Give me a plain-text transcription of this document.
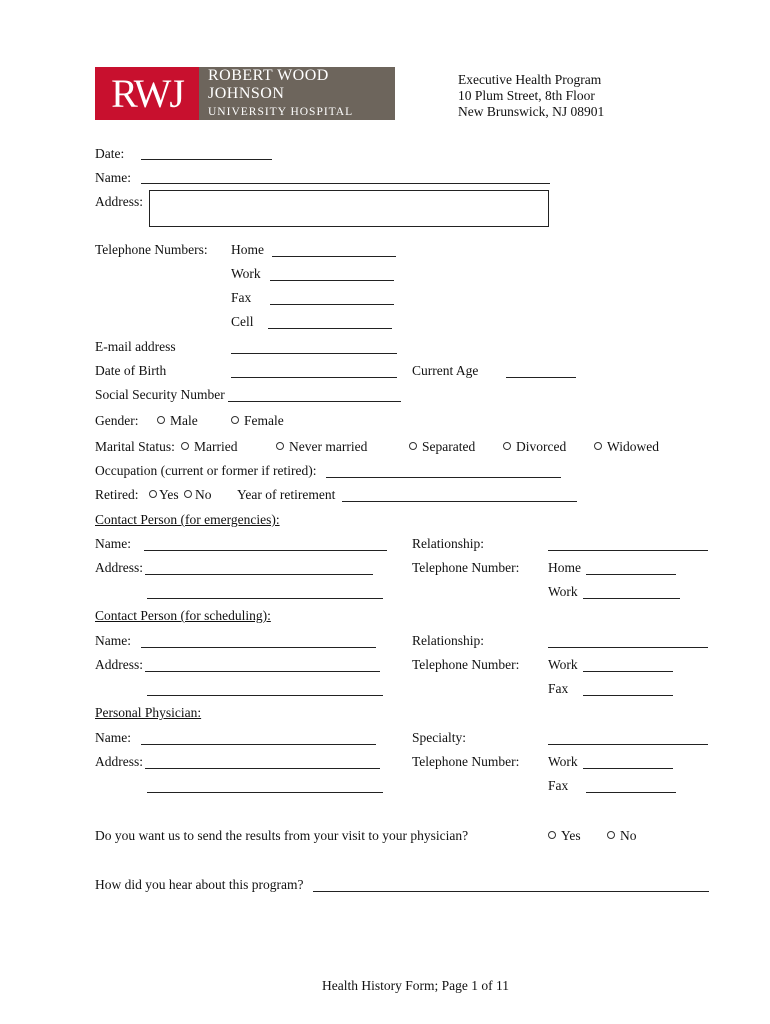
RWJ	ROBERT WOOD JOHNSON
UNIVERSITY HOSPITAL
Executive Health Program
10 Plum Street, 8th Floor
New Brunswick, NJ 08901
Date:
Name:
Address:
Telephone Numbers: Home
Work
Fax
Cell
E-mail address
Date of Birth	Current Age
Social Security Number
Gender:	Male	Female
Marital Status:	Married	Never married	Separated	Divorced	Widowed
Occupation (current or former if retired):
Retired:	Yes	No Year of retirement
Contact Person (for emergencies):
Name:	Relationship:
Address:	Telephone Number: Home
Work
Contact Person (for scheduling):
Name:	Relationship:
Address:	Telephone Number: Work
Fax
Personal Physician:
Name:	Specialty:
Address:	Telephone Number: Work
Fax
Do you want us to send the results from your visit to your physician?	Yes	No
How did you hear about this program?
Health History Form; Page 1 of 11
